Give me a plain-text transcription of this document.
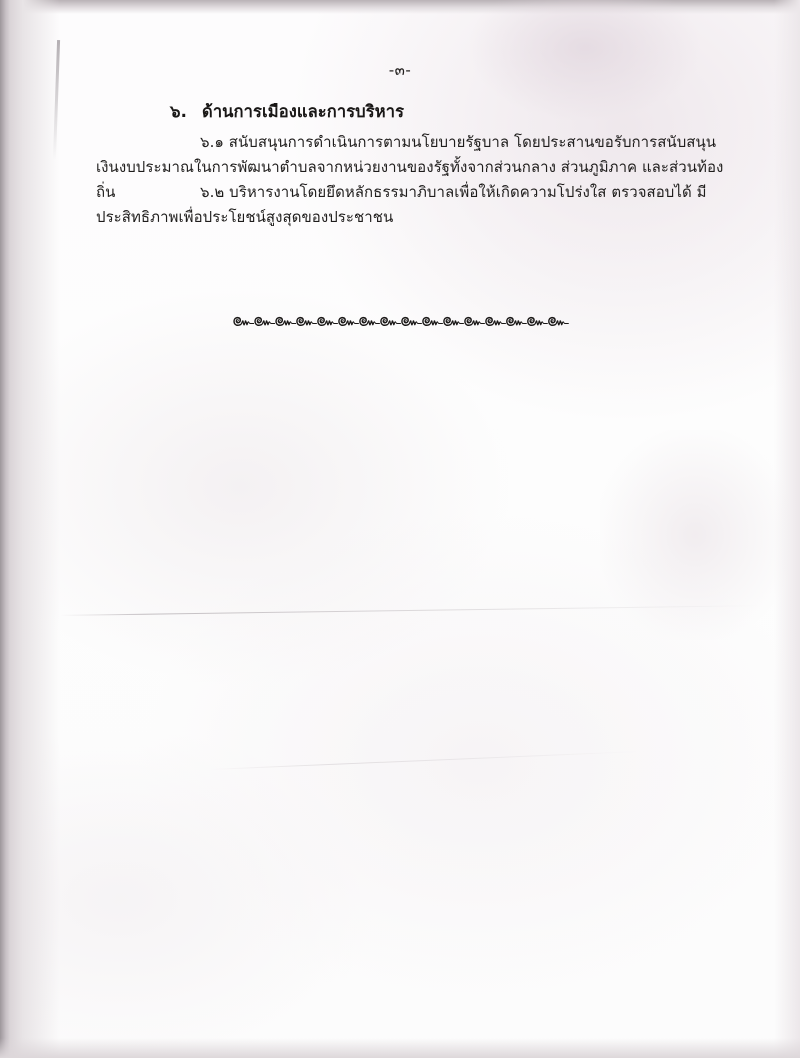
-๓-
๖. ด้านการเมืองและการบริหาร
๖.๑ สนับสนุนการดำเนินการตามนโยบายรัฐบาล โดยประสานขอรับการสนับสนุนเงินงบประมาณในการพัฒนาตำบลจากหน่วยงานของรัฐทั้งจากส่วนกลาง ส่วนภูมิภาค และส่วนท้องถิ่น	๖.๒ บริหารงานโดยยึดหลักธรรมาภิบาลเพื่อให้เกิดความโปร่งใส ตรวจสอบได้ มีประสิทธิภาพเพื่อประโยชน์สูงสุดของประชาชน
๛๛๛๛๛๛๛๛๛๛๛๛๛๛๛๛
